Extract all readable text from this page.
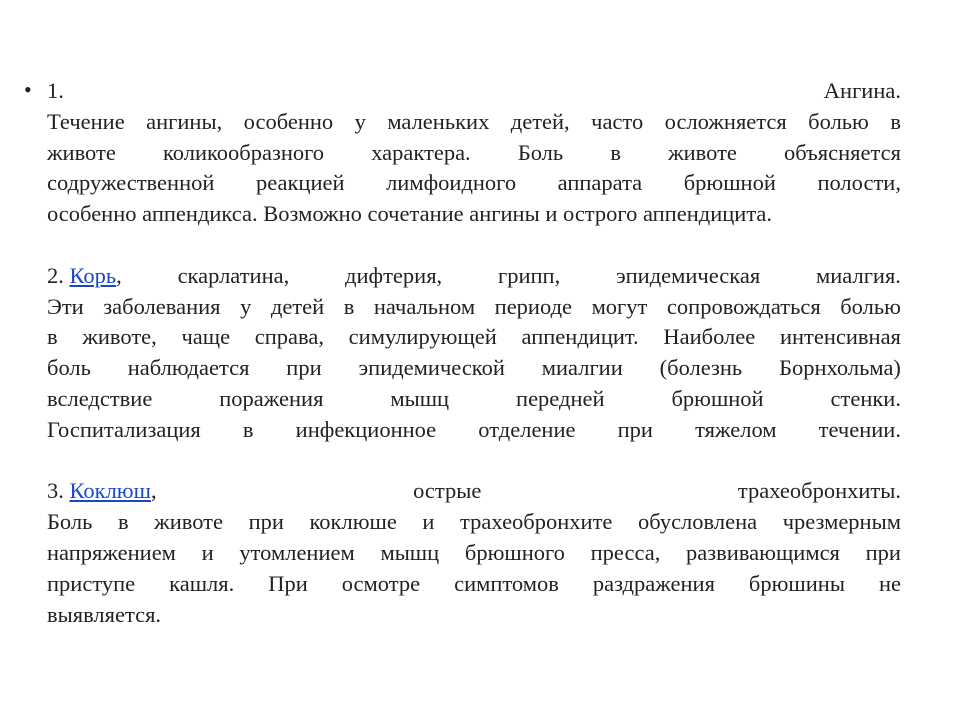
• 1.	Ангина.
Течение ангины, особенно у маленьких детей, часто осложняется болью в
животе коликообразного характера. Боль в животе объясняется
содружественной реакцией лимфоидного аппарата брюшной полости,
особенно аппендикса. Возможно сочетание ангины и острого аппендицита.
2. Корь, скарлатина, дифтерия, грипп, эпидемическая миалгия.
Эти заболевания у детей в начальном периоде могут сопровождаться болью
в животе, чаще справа, симулирующей аппендицит. Наиболее интенсивная
боль наблюдается при эпидемической миалгии (болезнь Борнхольма)
вследствие	поражения	мышц	передней	брюшной	стенки.
Госпитализация в инфекционное отделение при тяжелом течении.
3. Коклюш,	острые	трахеобронхиты.
Боль в животе при коклюше и трахеобронхите обусловлена чрезмерным
напряжением и утомлением мышц брюшного пресса, развивающимся при
приступе кашля. При осмотре симптомов раздражения брюшины не
выявляется.
